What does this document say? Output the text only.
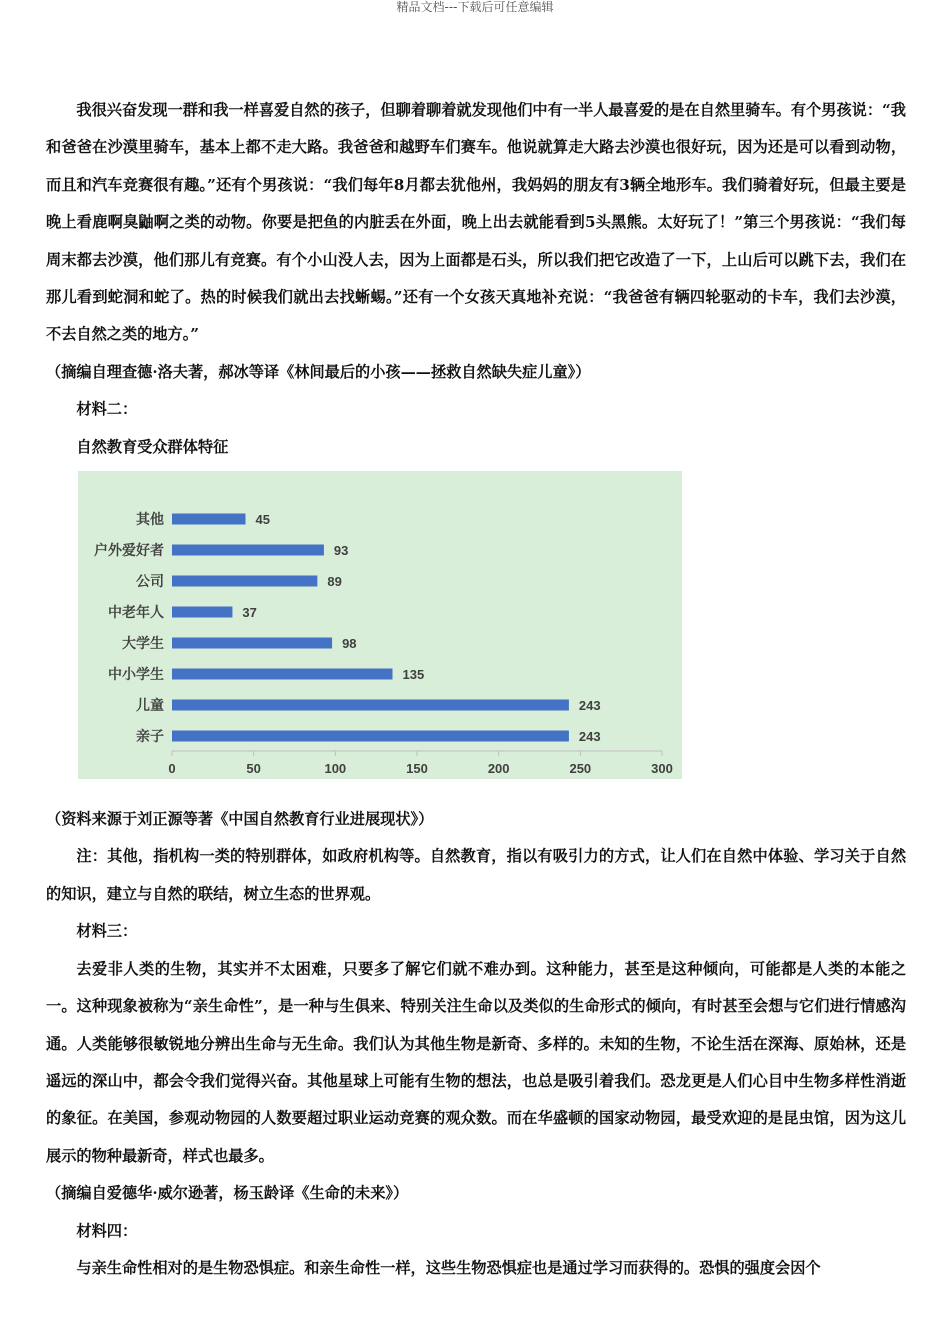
精品文档---下载后可任意编辑

我很兴奋发现一群和我一样喜爱自然的孩子，但聊着聊着就发现他们中有一半人最喜爱的是在自然里骑车。有个男孩说：“我和爸爸在沙漠里骑车，基本上都不走大路。我爸爸和越野车们赛车。他说就算走大路去沙漠也很好玩，因为还是可以看到动物，而且和汽车竞赛很有趣。”还有个男孩说：“我们每年8月都去犹他州，我妈妈的朋友有3辆全地形车。我们骑着好玩，但最主要是晚上看鹿啊臭鼬啊之类的动物。你要是把鱼的内脏丢在外面，晚上出去就能看到5头黑熊。太好玩了！”第三个男孩说：“我们每周末都去沙漠，他们那儿有竞赛。有个小山没人去，因为上面都是石头，所以我们把它改造了一下，上山后可以跳下去，我们在那儿看到蛇洞和蛇了。热的时候我们就出去找蜥蜴。”还有一个女孩天真地补充说：“我爸爸有辆四轮驱动的卡车，我们去沙漠，不去自然之类的地方。”

（摘编自理查德·洛夫著，郝冰等译《林间最后的小孩——拯救自然缺失症儿童》）

材料二：

自然教育受众群体特征

0	50	100	150	200	250	300
其他	45
户外爱好者	93
公司	89
中老年人	37
大学生	98
中小学生	135
儿童	243
亲子	243

（资料来源于刘正源等著《中国自然教育行业进展现状》）

注：其他，指机构一类的特别群体，如政府机构等。自然教育，指以有吸引力的方式，让人们在自然中体验、学习关于自然的知识，建立与自然的联结，树立生态的世界观。

材料三：

去爱非人类的生物，其实并不太困难，只要多了解它们就不难办到。这种能力，甚至是这种倾向，可能都是人类的本能之一。这种现象被称为“亲生命性”，是一种与生俱来、特别关注生命以及类似的生命形式的倾向，有时甚至会想与它们进行情感沟通。人类能够很敏锐地分辨出生命与无生命。我们认为其他生物是新奇、多样的。未知的生物，不论生活在深海、原始林，还是遥远的深山中，都会令我们觉得兴奋。其他星球上可能有生物的想法，也总是吸引着我们。恐龙更是人们心目中生物多样性消逝的象征。在美国，参观动物园的人数要超过职业运动竞赛的观众数。而在华盛顿的国家动物园，最受欢迎的是昆虫馆，因为这儿展示的物种最新奇，样式也最多。

（摘编自爱德华·威尔逊著，杨玉龄译《生命的未来》）

材料四：

与亲生命性相对的是生物恐惧症。和亲生命性一样，这些生物恐惧症也是通过学习而获得的。恐惧的强度会因个
